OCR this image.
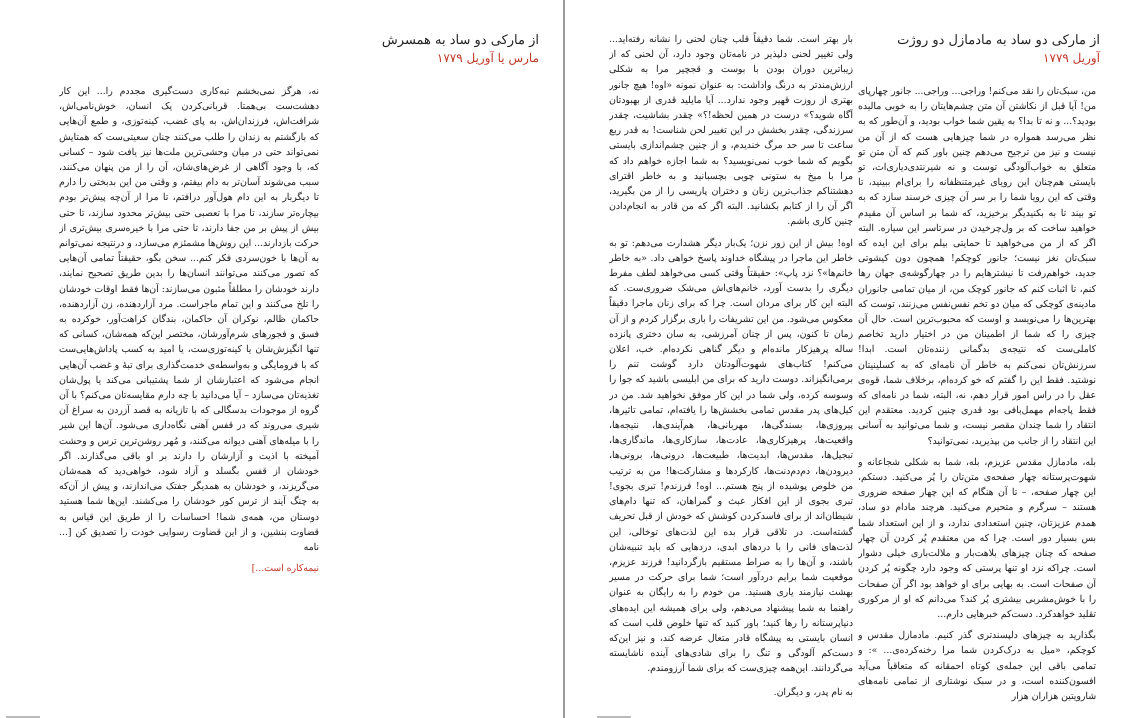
از مارکی دو ساد به همسرش
مارس یا آوریل ۱۷۷۹

نه، هرگز نمی‌بخشم تبه‌کاری دست‌گیری مجددم را... این کار دهشت‌ست بی‌همتا. قربانی‌کردن یک انسان، خوش‌نامی‌اش، شرافت‌اش، فرزندان‌اش، به پای غضب، کینه‌توزی، و طمع آن‌هایی که بازگشتم به زندان را طلب می‌کنند چنان سعیتی‌ست که همتایش نمی‌تواند حتی در میان وحشی‌ترین ملت‌ها نیز یافت شود – کسانی که، با وجود آگاهی از غرض‌های‌شان، آن را از من پنهان می‌کنند، سبب می‌شوند آسان‌تر به دام بیفتم، و وقتی من این بدبختی را دارم تا دیگربار به این دام هول‌آور درافتم، تا مرا از آن‌چه پیش‌تر بودم بیچاره‌تر سازند، تا مرا با تعصبی حتی بیش‌تر محدود سازند، تا حتی بیش از پیش بر من جفا دارند، تا حتی مرا با خیره‌سری بیش‌تری از حرکت بازدارند... این روش‌ها مشمئزم می‌سازد، و درنتیجه نمی‌توانم به آن‌ها با خون‌سردی فکر کنم... سخن بگو، حقیقتاً تمامی آن‌هایی که تصور می‌کنند می‌توانند انسان‌ها را بدین طریق تصحیح نمایند، دارند خودشان را مطلقاً مثبون می‌سازند: آن‌ها فقط اوقات خودشان را تلخ می‌کنند و این تمام ماجراست. مرد آزاردهنده، زن آزاردهنده، حاکمان ظالم، نوکران آن حاکمان، بندگان کراهت‌آور، خوکرده به فسق و فجورهای شرم‌آورشان، مختصر این‌که همه‌شان، کسانی که تنها انگیزش‌شان یا کینه‌توزی‌ست، یا امید به کسب پاداش‌هایی‌ست که با فرومایگی و به‌واسطه‌ی خدمت‌گذاری برای تبهٔ و غضب آن‌هایی انجام می‌شود که اعتبارشان از شما پشتیبانی می‌کند یا پول‌شان تغذیه‌تان می‌سازد – آیا می‌دانید با چه دارم مقایسه‌تان می‌کنم؟ با آن گروه از موجودات بدسگالی که با تازیانه به قصد آزردن به سراغ آن شیری می‌روند که در قفس آهنی نگاه‌داری می‌شود. آن‌ها این شیر را با میله‌های آهنی دیوانه می‌کنند، و مُهر روشن‌ترین ترس و وحشت آمیخته با اذیت و آزارشان را دارند بر او باقی می‌گذارند. اگر خودشان از قفس بگسلد و آزاد شود، خواهی‌دید که همه‌شان می‌گریزند، و خودشان به همدیگر جفتک می‌اندازند، و پیش از آن‌که به چنگ آیند از ترس کور خودشان را می‌کشند. این‌ها شما هستید دوستان من، همه‌ی شما! احساسات را از طریق این قیاس به قضاوت بنشین، و از این قضاوت رسوایی خودت را تصدیق کن [... نامه

نیمه‌کاره است...]

از مارکی دو ساد به مادمازل دو روژت
آوریل ۱۷۷۹

بار بهتر است. شما دقیقاً قلب چنان لحنی را نشانه رفته‌اید... ولی تغییر لحنی دلپذیر در نامه‌تان وجود دارد، آن لحنی که از زیباترین دوران بودن با بوست و قجچیر مرا به شکلی ارزش‌مندتر به درنگ واداشت: به عنوان نمونه «اوه! هیچ جانور بهتری از روزت قهیر وجود ندارد... آیا مایلید قدری از بهبودتان آگاه شوید؟» درست در همین لحظه!؟» چقدر بشاشیت، چقدر سرزندگی، چقدر بخشش در این تغییر لحن شناست! به قدر ربع ساعت تا سر حد مرگ خندیدم، و از چنین چشم‌اندازی بایستی بگویم که شما خوب نمی‌نویسید؟ به شما اجازه خواهم داد که مرا با میخ به ستونی چوبی بچسبانید و به خاطر اقترای دهشتناکم جذاب‌ترین زنان و دختران پاریسی را از من بگیرید، اگر آن را از کتابم بکشانید. البته اگر که من قادر به انجام‌دادن چنین کاری باشم.

اوه! بیش از این زور نزن؛ یک‌بار دیگر هشدارت می‌دهم: تو به خاطر این ماجرا در پیشگاه خداوند پاسخ خواهی داد. «به خاطر خانم‌ها»؟ نزد پاپ»: حقیقتاً وقتی کسی می‌خواهد لطف مفرط دیگری را بدست آورد، خانم‌های‌اش می‌شک ضروری‌ست. که البته این کار برای مردان است. چرا که برای زنان ماجرا دقیقاً معکوس می‌شود. من این تشریفات را باری برگزار کردم و از آن زمان تا کنون، پس از چنان آمرزشی، به سان دختری پانزده ساله پرهیزکار مانده‌ام و دیگر گناهی نکرده‌ام. خب، اعلان می‌کنم! کتاب‌های شهوت‌آلودتان دارد گوشت تنم را برمی‌انگیزاند. دوست دارید که برای من ابلیسی باشید که جوا را وسوسه کرده، ولی شما در این کار موفق نخواهید شد. من در کیل‌های پدر مقدس تمامی بخشش‌ها را یافته‌ام، تمامی تاثیرها، پیروزی‌ها، بسندگی‌ها، مهربانی‌ها، هم‌آیندی‌ها، نتیجه‌ها، واقعیت‌ها، پرهیزکاری‌ها، عادت‌ها، سازکاری‌ها، ماندگاری‌ها، تبجیل‌ها، مقدس‌ها، ابدیت‌ها، طبیعت‌ها، درونی‌ها، برونی‌ها، دیرودن‌ها، دم‌دم‌دنت‌ها، کارکردها و مشارکت‌ها! من به ترتیب من خلوص پوشیده از پنج هستم... اوه! فرزندم! تبری بجوی! تبری بجوی از این افکار عبث و گمراهان، که تنها دام‌های شیطان‌اند از برای فاسدکردن کوشش که خودش از قبل تحریف گشته‌است. در تلاقی قرار بده این لذت‌های توخالی، این لذت‌های فانی را با دردهای ابدی، دردهایی که باید تنبیه‌شان باشند، و آن‌ها را به صراط مستقیم بازگردانید! فرزند عزیزم، موقعیت شما برایم دردآور است؛ شما برای حرکت در مسیر بهشت نیازمند یاری هستید. من خودم را به رایگان به عنوان راهنما به شما پیشنهاد می‌دهم، ولی برای همیشه این ایده‌های دنیاپرستانه را رها کنید؛ باور کنید که تنها خلوص قلب است که انسان بایستی به پیشگاه قادر متعال عرضه کند، و نیز این‌که دست‌کم آلودگی و تنگ را برای شادی‌های آینده ناشایسته می‌گردانند. این‌همه چیزی‌ست که برای شما آرزومندم.

به نام پدر، و دیگران.

من، سبک‌تان را نقد می‌کنم! وراجی... وراجی... جانور چهارپای من! آیا قبل از نکاشتن آن متن چشم‌هایتان را به خوبی مالیده بودید؟... و نه تا بدا؟ به یقین شما خواب بودید، و آن‌طور که به نظر می‌رسد همواره در شما چیزهایی هست که از آن من نیست و نیز من ترجیح می‌دهم چنین باور کنم که آن متن تو متعلق به خواب‌آلودگی توست و نه شیرنتدی‌دیاری‌ات، تو بایستی هم‌چنان این رویای غیرمتنظفانه را برای‌ام ببینید، تا وقتی که این رویا شما را بر سر آن چیزی خرسند سازد که به تو بیند تا به بکنیدیگر برخیزید، که شما بر اساس آن مقیدم خواهید ساخت که بر ول‌چرخیدن در سرتاسر این سیاره. البته اگر که از من می‌خواهید تا حمایتی بیلم برای این ایده که سبک‌تان نغز نیست؛ جانور کوچکم! همچون دون کیشوتی جدید، خواهم‌رفت تا نیشترهایم را در چهارگوشه‌ی جهان رها کنم، تا اثبات کنم که جانور کوچک من، از میان تمامی جانوران مادینه‌ی کوچکی که میان دو تخم نفس‌نفس می‌زنند، توست که بهترین‌ها را می‌نویسد و اوست که محبوب‌ترین است. حال آن چیزی را که شما از اطمینان من در اختیار دارید تخاصم کاملی‌ست که نتیجه‌ی بدگمانی زننده‌تان است. ابدا! سرزنش‌تان نمی‌کنم به خاطر آن نامه‌ای که به کسلینیتان نوشتید. فقط این را گفتم که خو کرده‌ام، برخلاف شما، قوه‌ی عقل را در راس امور قرار دهم، نه، البته، شما در نامه‌ای که فقط ‌پاجه‌ام مهمل‌بافی بود قدری چنین کردید. معتقدم این انتقاد را شما چندان مقصر نیست، و شما می‌توانید به آسانی این انتقاد را از جانب من بپذیرید، نمی‌توانید؟

بله، مادمازل مقدس عزیزم، بله، شما به شکلی شجاعانه و شهوت‌پرستانه چهار صفحه‌ی متن‌تان را پُر می‌کنید. دستکم، این چهار صفحه، – تا آن هنگام که این چهار صفحه ضروری هستند – سرگرم و متحیرم می‌کنید. هرچند مادام دو ساد، همدم عزیزتان، چنین استعدادی ندارد، و از این استعداد شما بس بسیار دور است. چرا که من معتقدم پُر کردن آن چهار صفحه که چنان چیزهای بلاهت‌بار و ملالت‌باری خیلی دشوار است. چراکه نزد او تنها پرستی که وجود دارد چگونه پُر کردن آن صفحات است. به بهایی برای او خواهد بود اگر آن صفحات را با خوش‌مشربی بیشتری پُر کند؟ می‌دانم که او از مرکوری تقلید خواهدکرد. دست‌کم خبرهایی دارم...

بگذارید به چیزهای دلپسندتری گذر کنیم. مادمازل مقدس و کوچکم، «میل به درک‌کردن شما مرا رخنه‌کرده‌ی... »: و تمامی باقی این جمله‌ی کوتاه احمقانه که متعاقباً می‌آید افسون‌کننده است، و در سبک نوشتاری از تمامی نامه‌های شارویتین هزاران هزار
